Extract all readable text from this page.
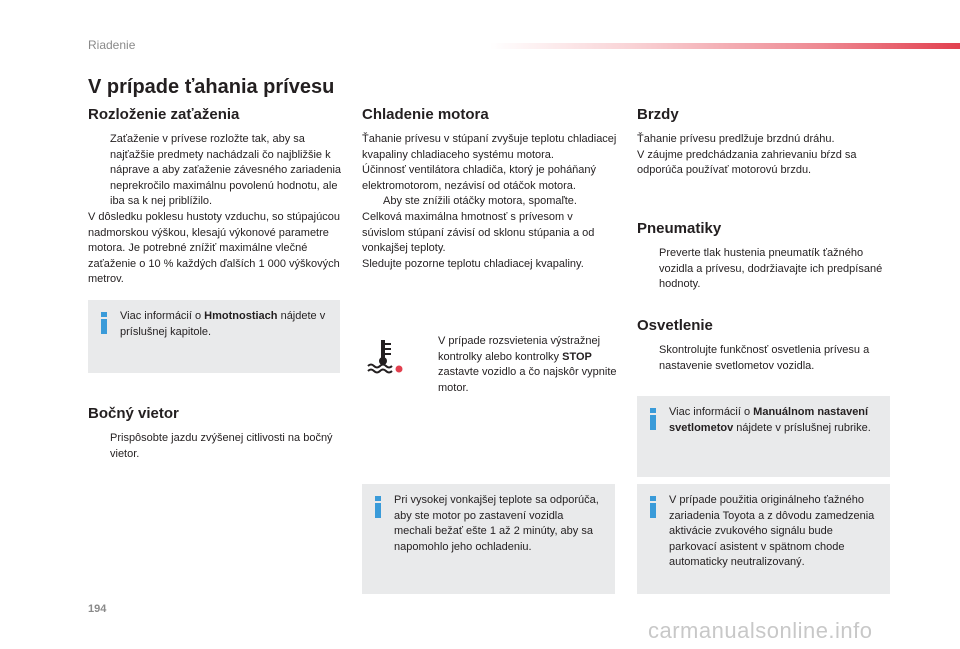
Riadenie
V prípade ťahania prívesu
Rozloženie zaťaženia

Zaťaženie v prívese rozložte tak, aby sa najťažšie predmety nachádzali čo najbližšie k náprave a aby zaťaženie závesného zariadenia neprekročilo maximálnu povolenú hodnotu, ale iba sa k nej priblížilo.

V dôsledku poklesu hustoty vzduchu, so stúpajúcou nadmorskou výškou, klesajú výkonové parametre motora. Je potrebné znížiť maximálne vlečné zaťaženie o 10 % každých ďalších 1 000 výškových metrov.

Viac informácií o Hmotnostiach nájdete v príslušnej kapitole.
Bočný vietor

Prispôsobte jazdu zvýšenej citlivosti na bočný vietor.

Chladenie motora

Ťahanie prívesu v stúpaní zvyšuje teplotu chladiacej kvapaliny chladiaceho systému motora.

Účinnosť ventilátora chladiča, ktorý je poháňaný elektromotorom, nezávisí od otáčok motora.

Aby ste znížili otáčky motora, spomaľte.

Celková maximálna hmotnosť s prívesom v súvislom stúpaní závisí od sklonu stúpania a od vonkajšej teploty.

Sledujte pozorne teplotu chladiacej kvapaliny.

V prípade rozsvietenia výstražnej kontrolky alebo kontrolky STOP zastavte vozidlo a čo najskôr vypnite motor.

Pri vysokej vonkajšej teplote sa odporúča, aby ste motor po zastavení vozidla mechali bežať ešte 1 až 2 minúty, aby sa napomohlo jeho ochladeniu.
Brzdy

Ťahanie prívesu predlžuje brzdnú dráhu.

V záujme predchádzania zahrievaniu bŕzd sa odporúča používať motorovú brzdu.

Pneumatiky

Preverte tlak hustenia pneumatík ťažného vozidla a prívesu, dodržiavajte ich predpísané hodnoty.

Osvetlenie

Skontrolujte funkčnosť osvetlenia prívesu a nastavenie svetlometov vozidla.

Viac informácií o Manuálnom nastavení svetlometov nájdete v príslušnej rubrike.
V prípade použitia originálneho ťažného zariadenia Toyota a z dôvodu zamedzenia aktivácie zvukového signálu bude parkovací asistent v spätnom chode automaticky neutralizovaný.
194
carmanualsonline.info
